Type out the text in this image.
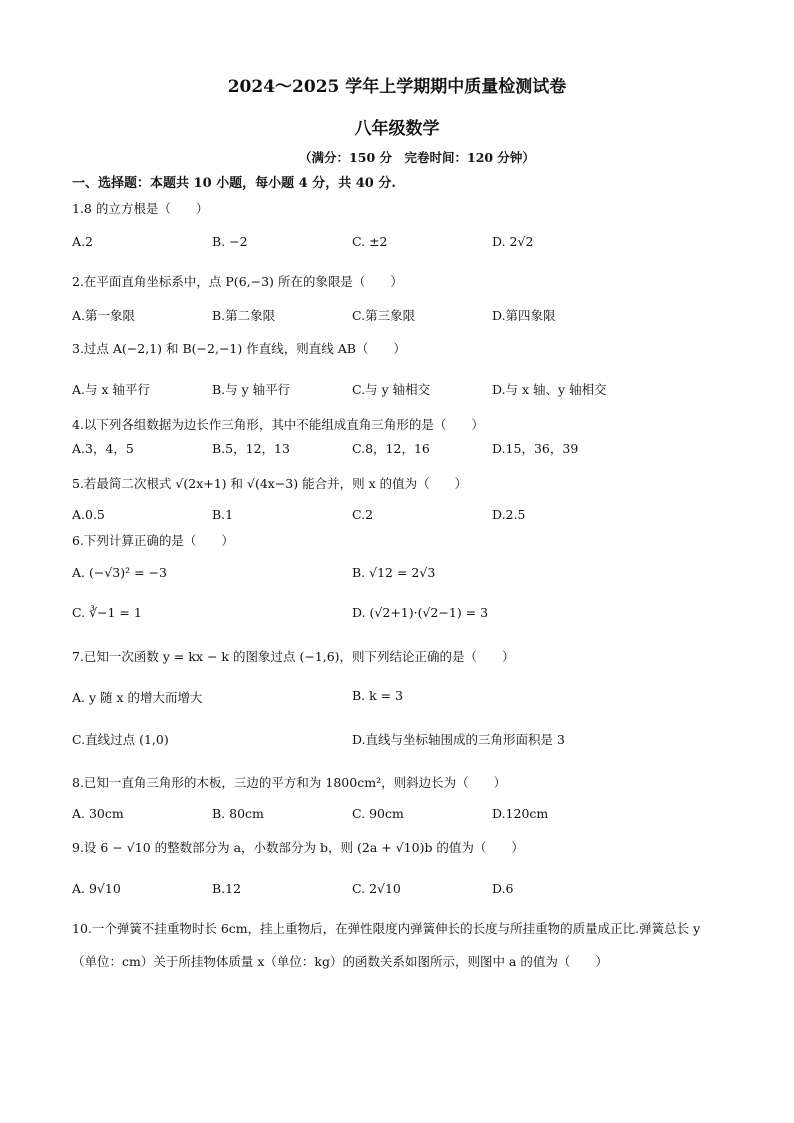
2024～2025 学年上学期期中质量检测试卷
八年级数学
（满分：150 分　完卷时间：120 分钟）
一、选择题：本题共 10 小题，每小题 4 分，共 40 分.
1.8 的立方根是（　　）
A.2	B. −2	C. ±2	D. 2√2
2.在平面直角坐标系中，点 P(6,−3) 所在的象限是（　　）
A.第一象限	B.第二象限	C.第三象限	D.第四象限
3.过点 A(−2,1) 和 B(−2,−1) 作直线，则直线 AB（　　）
A.与 x 轴平行	B.与 y 轴平行	C.与 y 轴相交	D.与 x 轴、y 轴相交
4.以下列各组数据为边长作三角形，其中不能组成直角三角形的是（　　）
A.3，4，5	B.5，12，13	C.8，12，16	D.15，36，39
5.若最简二次根式 √(2x+1) 和 √(4x−3) 能合并，则 x 的值为（　　）
A.0.5	B.1	C.2	D.2.5
6.下列计算正确的是（　　）
A. (−√3)² = −3	B. √12 = 2√3
C. ∛−1 = 1	D. (√2+1)·(√2−1) = 3
7.已知一次函数 y = kx − k 的图象过点 (−1,6)，则下列结论正确的是（　　）
A. y 随 x 的增大而增大	B. k = 3
C.直线过点 (1,0)	D.直线与坐标轴围成的三角形面积是 3
8.已知一直角三角形的木板，三边的平方和为 1800cm²，则斜边长为（　　）
A. 30cm	B. 80cm	C. 90cm	D.120cm
9.设 6 − √10 的整数部分为 a，小数部分为 b，则 (2a + √10)b 的值为（　　）
A. 9√10	B.12	C. 2√10	D.6
10.一个弹簧不挂重物时长 6cm，挂上重物后，在弹性限度内弹簧伸长的长度与所挂重物的质量成正比.弹簧总长 y（单位：cm）关于所挂物体质量 x（单位：kg）的函数关系如图所示，则图中 a 的值为（　　）
